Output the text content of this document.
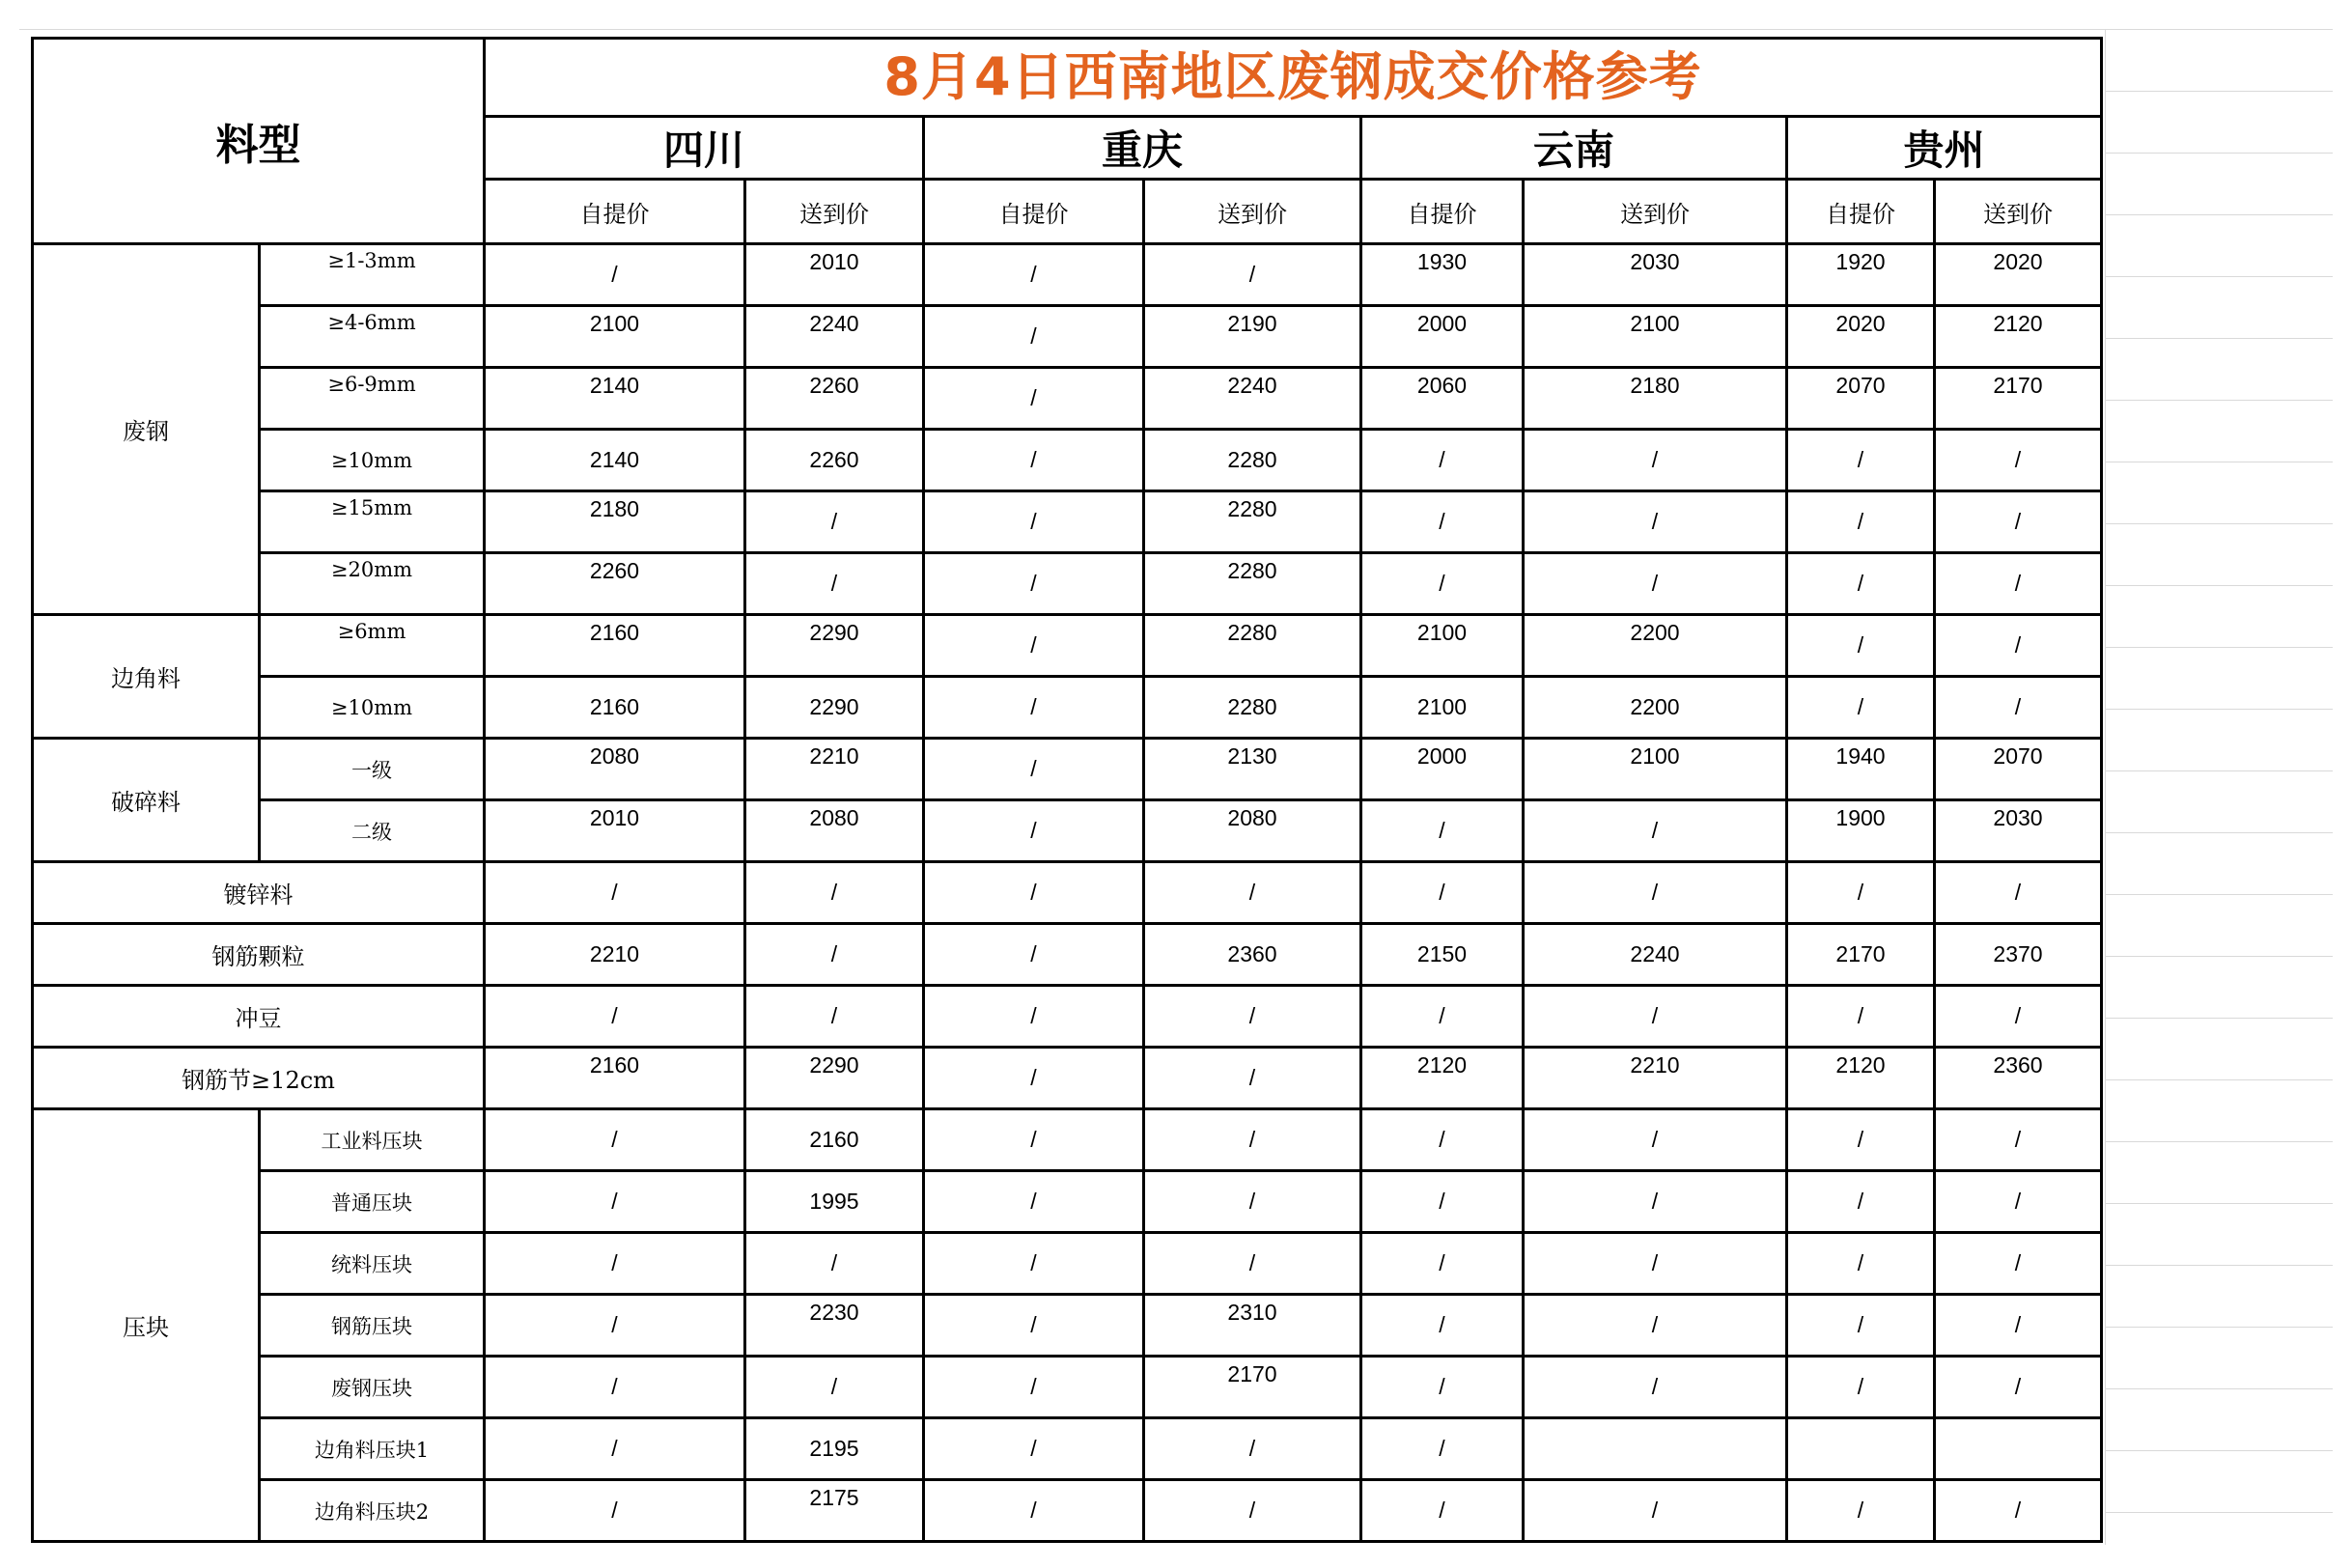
料型		8月4日西南地区废钢成交价格参考							
		四川		重庆		云南		贵州	
		自提价	送到价	自提价	送到价	自提价	送到价	自提价	送到价
废钢	≥1-3mm	/	2010	/	/	1930	2030	1920	2020
	≥4-6mm	2100	2240	/	2190	2000	2100	2020	2120
	≥6-9mm	2140	2260	/	2240	2060	2180	2070	2170
	≥10mm	2140	2260	/	2280	/	/	/	/
	≥15mm	2180	/	/	2280	/	/	/	/
	≥20mm	2260	/	/	2280	/	/	/	/
边角料	≥6mm	2160	2290	/	2280	2100	2200	/	/
	≥10mm	2160	2290	/	2280	2100	2200	/	/
破碎料	一级	2080	2210	/	2130	2000	2100	1940	2070
	二级	2010	2080	/	2080	/	/	1900	2030
镀锌料		/	/	/	/	/	/	/	/
钢筋颗粒		2210	/	/	2360	2150	2240	2170	2370
冲豆		/	/	/	/	/	/	/	/
钢筋节≥12cm		2160	2290	/	/	2120	2210	2120	2360
压块	工业料压块	/	2160	/	/	/	/	/	/
	普通压块	/	1995	/	/	/	/	/	/
	统料压块	/	/	/	/	/	/	/	/
	钢筋压块	/	2230	/	2310	/	/	/	/
	废钢压块	/	/	/	2170	/	/	/	/
	边角料压块1	/	2195	/	/	/			
	边角料压块2	/	2175	/	/	/	/	/	/
